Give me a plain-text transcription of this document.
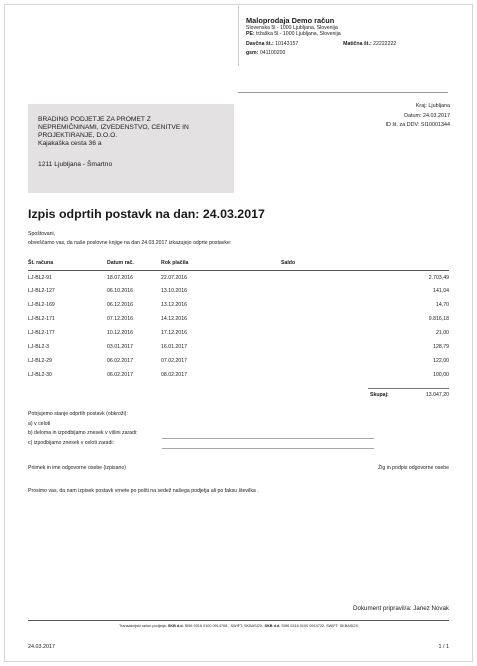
Maloprodaja Demo račun
Slovenska 5l - 1000 Ljubljana, Slovenija
PE:
tržaška 5l - 1000 Ljubljana, Slovenija
Davčna št.:
10143157	Matična št.:
22222222
gsm:
041100200
BRADING PODJETJE ZA PROMET Z
NEPREMIČNINAMI, IZVEDENSTVO, CENITVE IN
PROJEKTIRANJE, D.O.O.
Kajakaška cesta 36 a
1211 Ljubljana - Šmartno
Kraj: Ljubljana
Datum: 24.03.2017
ID št. za DDV: SI10001344
Izpis odprtih postavk na dan: 24.03.2017
Spoštovani,
obveščamo vas, da naše poslovne knjige na dan 24.03.2017 izkazujejo odprte postavke:
Št. računa	Datum rač.	Rok plačila	Saldo
LJ-BL2-91	18.07.2016	22.07.2016	2.703,49
LJ-BL2-127	06.10.2016	13.10.2016	141,04
LJ-BL2-169	06.12.2016	13.12.2016	14,70
LJ-BL2-171	07.12.2016	14.12.2016	9.816,18
LJ-BL2-177	10.12.2016	17.12.2016	21,00
LJ-BL2-3	03.01.2017	16.01.2017	128,79
LJ-BL2-29	06.02.2017	07.02.2017	122,00
LJ-BL2-30	06.02.2017	08.02.2017	100,00
Skupaj:	13.047,20
Potrjujemo stanje odprtih postavk (obkroži):
a) v celoti
b) deloma in izpodbijamo znesek v višini zaradi:
c) izpodbijamo znesek v celoti zaradi:
Priimek in ime odgovorne osebe (izpisano)	Žig in podpis odgovorne osebe
Prosimo vas, da nam izpisek postavk vrnete po pošti na sedež našega podjetja ali po faksu številka .
Dokument pripravil/a: Janez Novak
Transakcijski račun podjetja: SKB d.d. SI56 0316 0100 0914708 , SWIFT: SKBASI2X; SKB d.d. SI56 0316 0100 0914722, SWIFT: SKBASI2X
24.03.2017	1 / 1
